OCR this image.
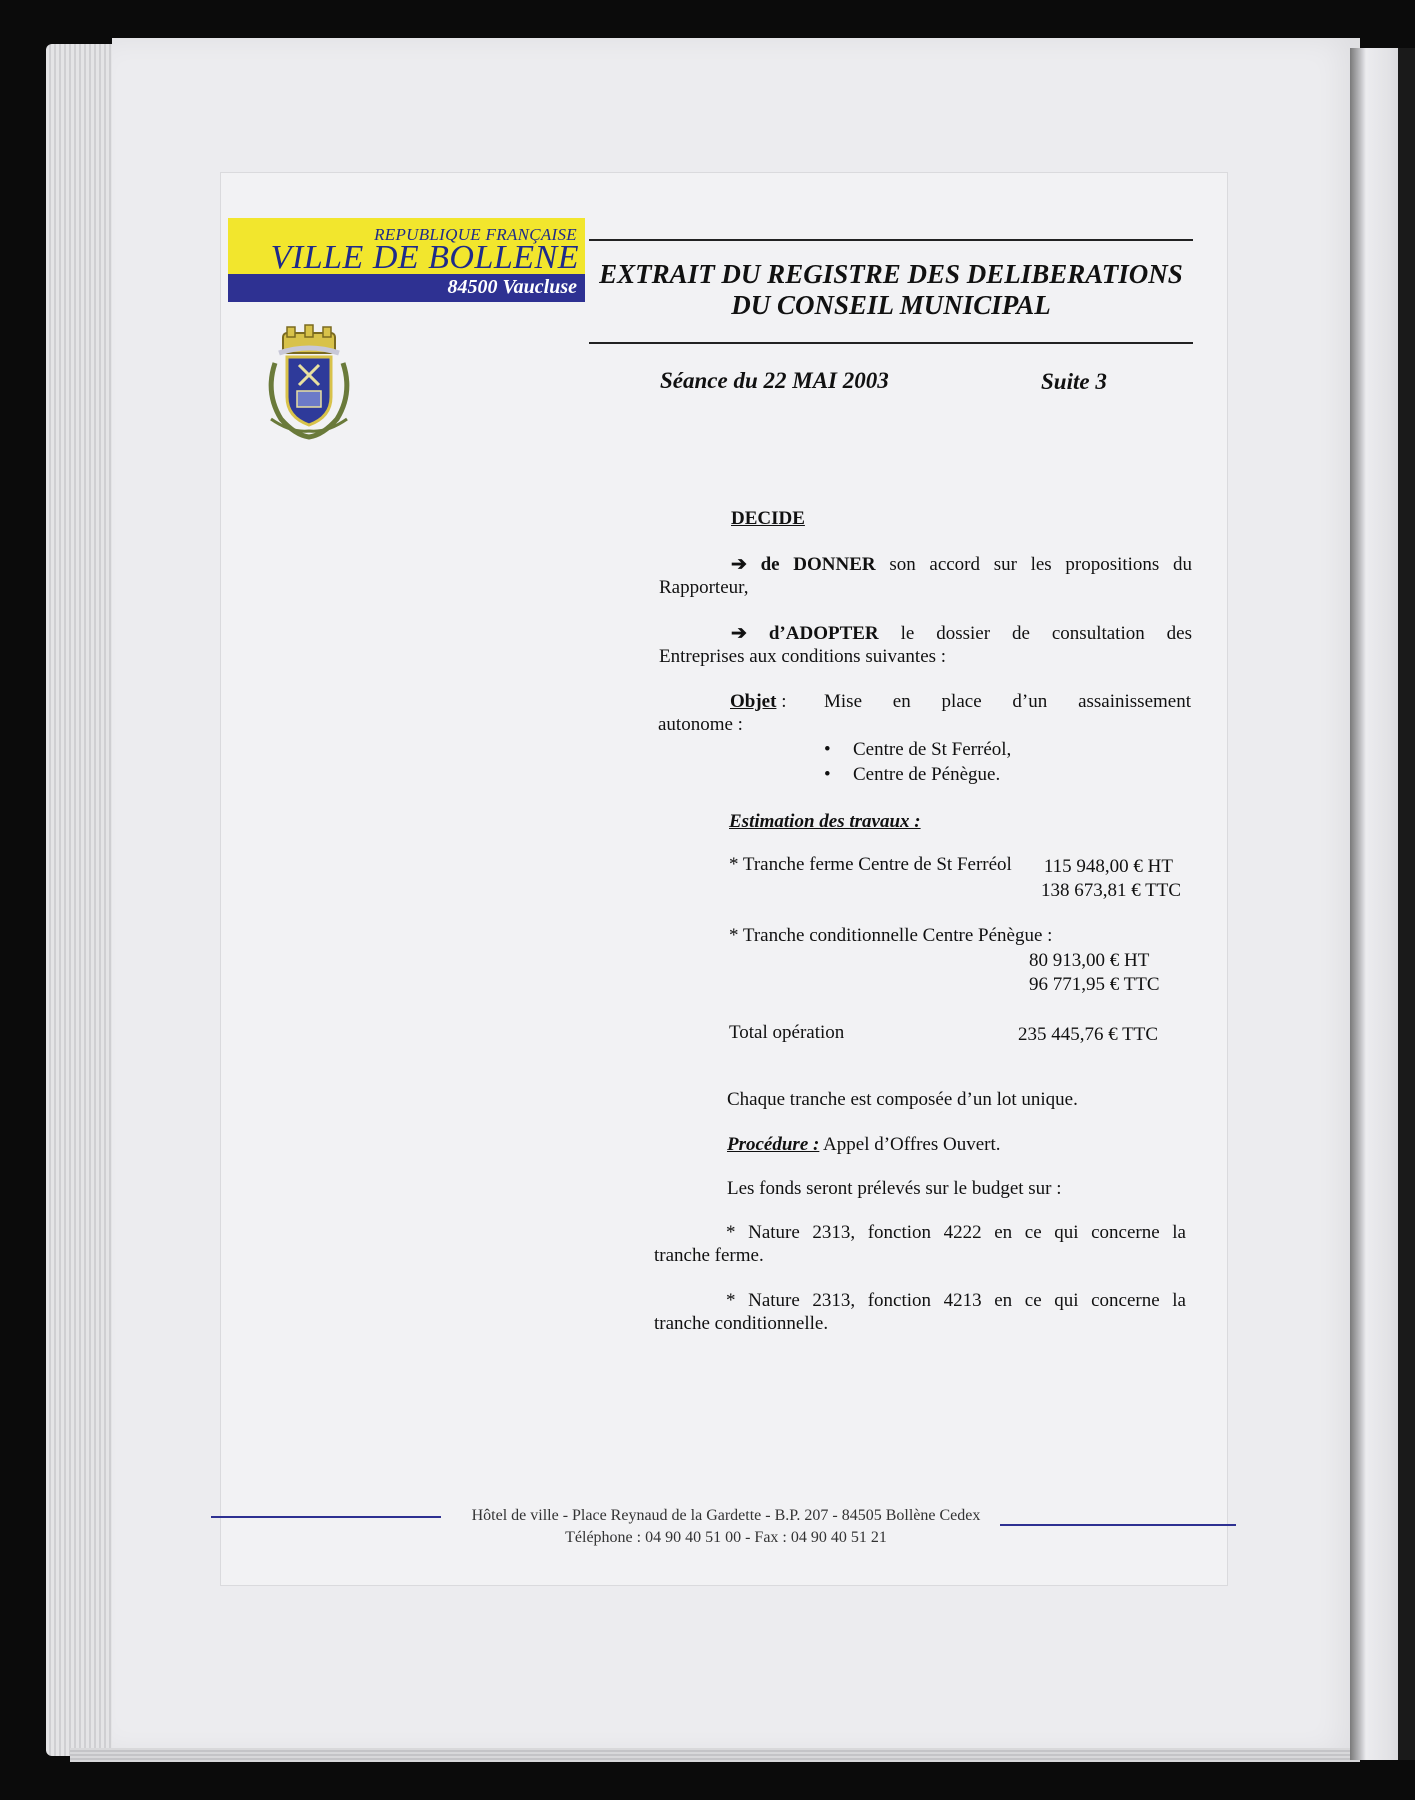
REPUBLIQUE FRANÇAISE
VILLE DE BOLLENE
84500 Vaucluse EXTRAIT DU REGISTRE DES DELIBERATIONS
DU CONSEIL MUNICIPAL
Séance du 22 MAI 2003	Suite 3
DECIDE
➔ de DONNER son accord sur les propositions du
Rapporteur,
➔ d’ADOPTER le dossier de consultation des
Entreprises aux conditions suivantes :
Objet : Mise en place d’un assainissement
autonome :
• Centre de St Ferréol,
• Centre de Pénègue.
Estimation des travaux :
* Tranche ferme Centre de St Ferréol	115 948,00 € HT
138 673,81 € TTC
* Tranche conditionnelle Centre Pénègue :
80 913,00 € HT
96 771,95 € TTC
Total opération	235 445,76 € TTC
Chaque tranche est composée d’un lot unique.
Procédure : Appel d’Offres Ouvert.
Les fonds seront prélevés sur le budget sur :
* Nature 2313, fonction 4222 en ce qui concerne la
tranche ferme.
* Nature 2313, fonction 4213 en ce qui concerne la
tranche conditionnelle.
Hôtel de ville - Place Reynaud de la Gardette - B.P. 207 - 84505 Bollène Cedex
Téléphone : 04 90 40 51 00 - Fax : 04 90 40 51 21
